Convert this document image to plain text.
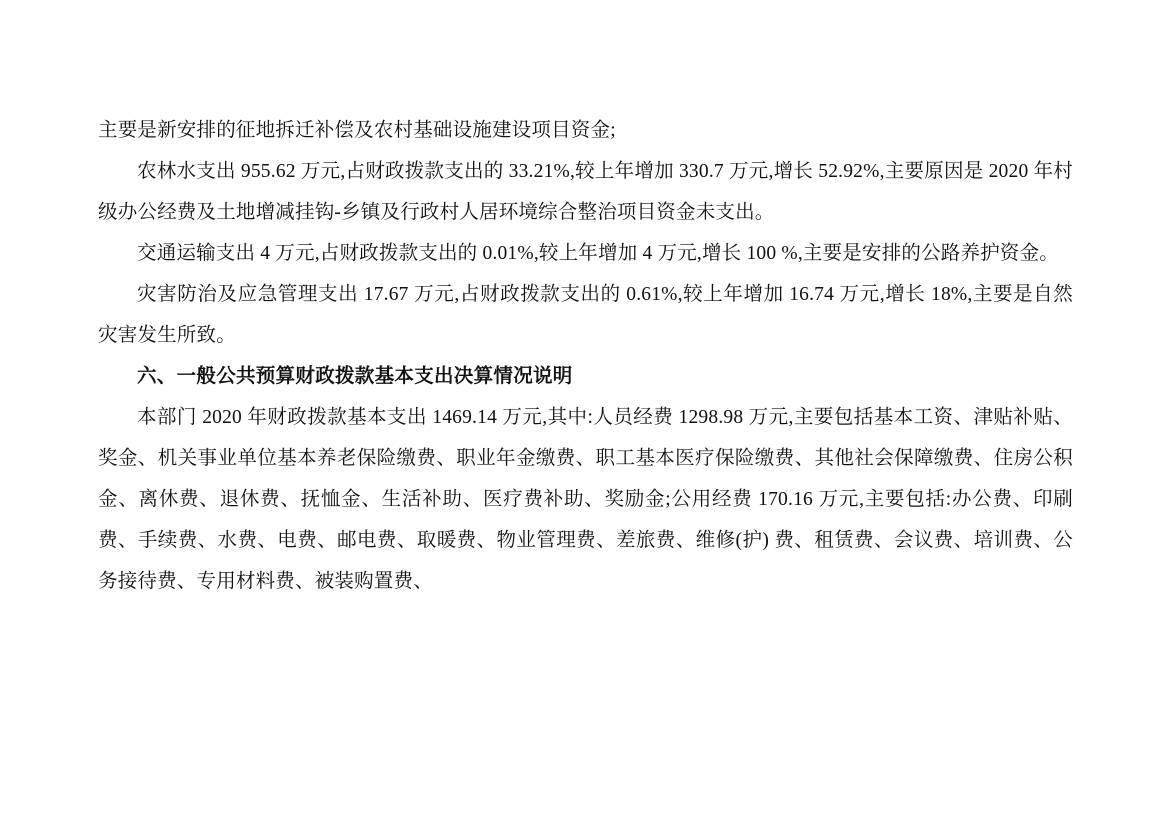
主要是新安排的征地拆迁补偿及农村基础设施建设项目资金;

农林水支出 955.62 万元,占财政拨款支出的 33.21%,较上年增加 330.7 万元,增长 52.92%,主要原因是 2020 年村级办公经费及土地增减挂钩-乡镇及行政村人居环境综合整治项目资金未支出。

交通运输支出 4 万元,占财政拨款支出的 0.01%,较上年增加 4 万元,增长 100 %,主要是安排的公路养护资金。

灾害防治及应急管理支出 17.67 万元,占财政拨款支出的 0.61%,较上年增加 16.74 万元,增长 18%,主要是自然灾害发生所致。

六、一般公共预算财政拨款基本支出决算情况说明

本部门 2020 年财政拨款基本支出 1469.14 万元,其中:人员经费 1298.98 万元,主要包括基本工资、津贴补贴、奖金、机关事业单位基本养老保险缴费、职业年金缴费、职工基本医疗保险缴费、其他社会保障缴费、住房公积金、离休费、退休费、抚恤金、生活补助、医疗费补助、奖励金;公用经费 170.16 万元,主要包括:办公费、印刷费、手续费、水费、电费、邮电费、取暖费、物业管理费、差旅费、维修(护) 费、租赁费、会议费、培训费、公务接待费、专用材料费、被装购置费、
